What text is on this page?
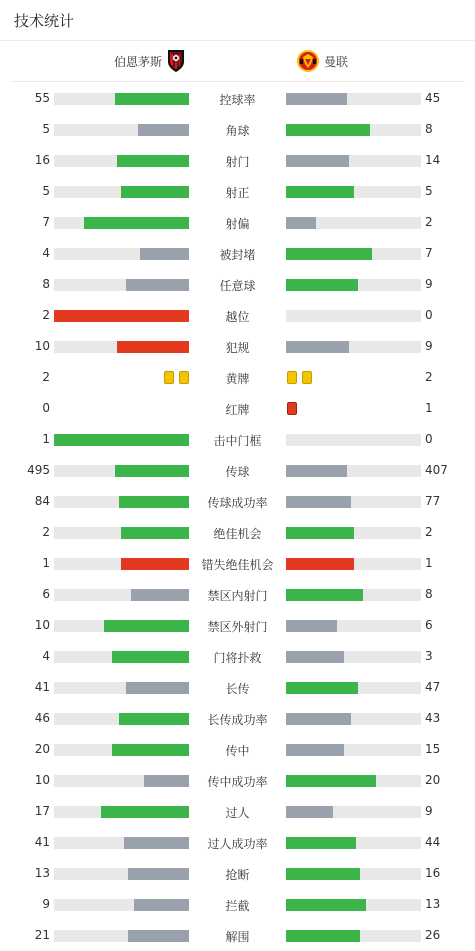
技术统计
伯恩茅斯	曼联
55	控球率	45
5	角球	8
16	射门	14
5	射正	5
7	射偏	2
4	被封堵	7
8	任意球	9
2	越位	0
10	犯规	9
2	黄牌	2
0	红牌	1
1	击中门框	0
495	传球	407
84	传球成功率	77
2	绝佳机会	2
1	错失绝佳机会	1
6	禁区内射门	8
10	禁区外射门	6
4	门将扑救	3
41	长传	47
46	长传成功率	43
20	传中	15
10	传中成功率	20
17	过人	9
41	过人成功率	44
13	抢断	16
9	拦截	13
21	解围	26
